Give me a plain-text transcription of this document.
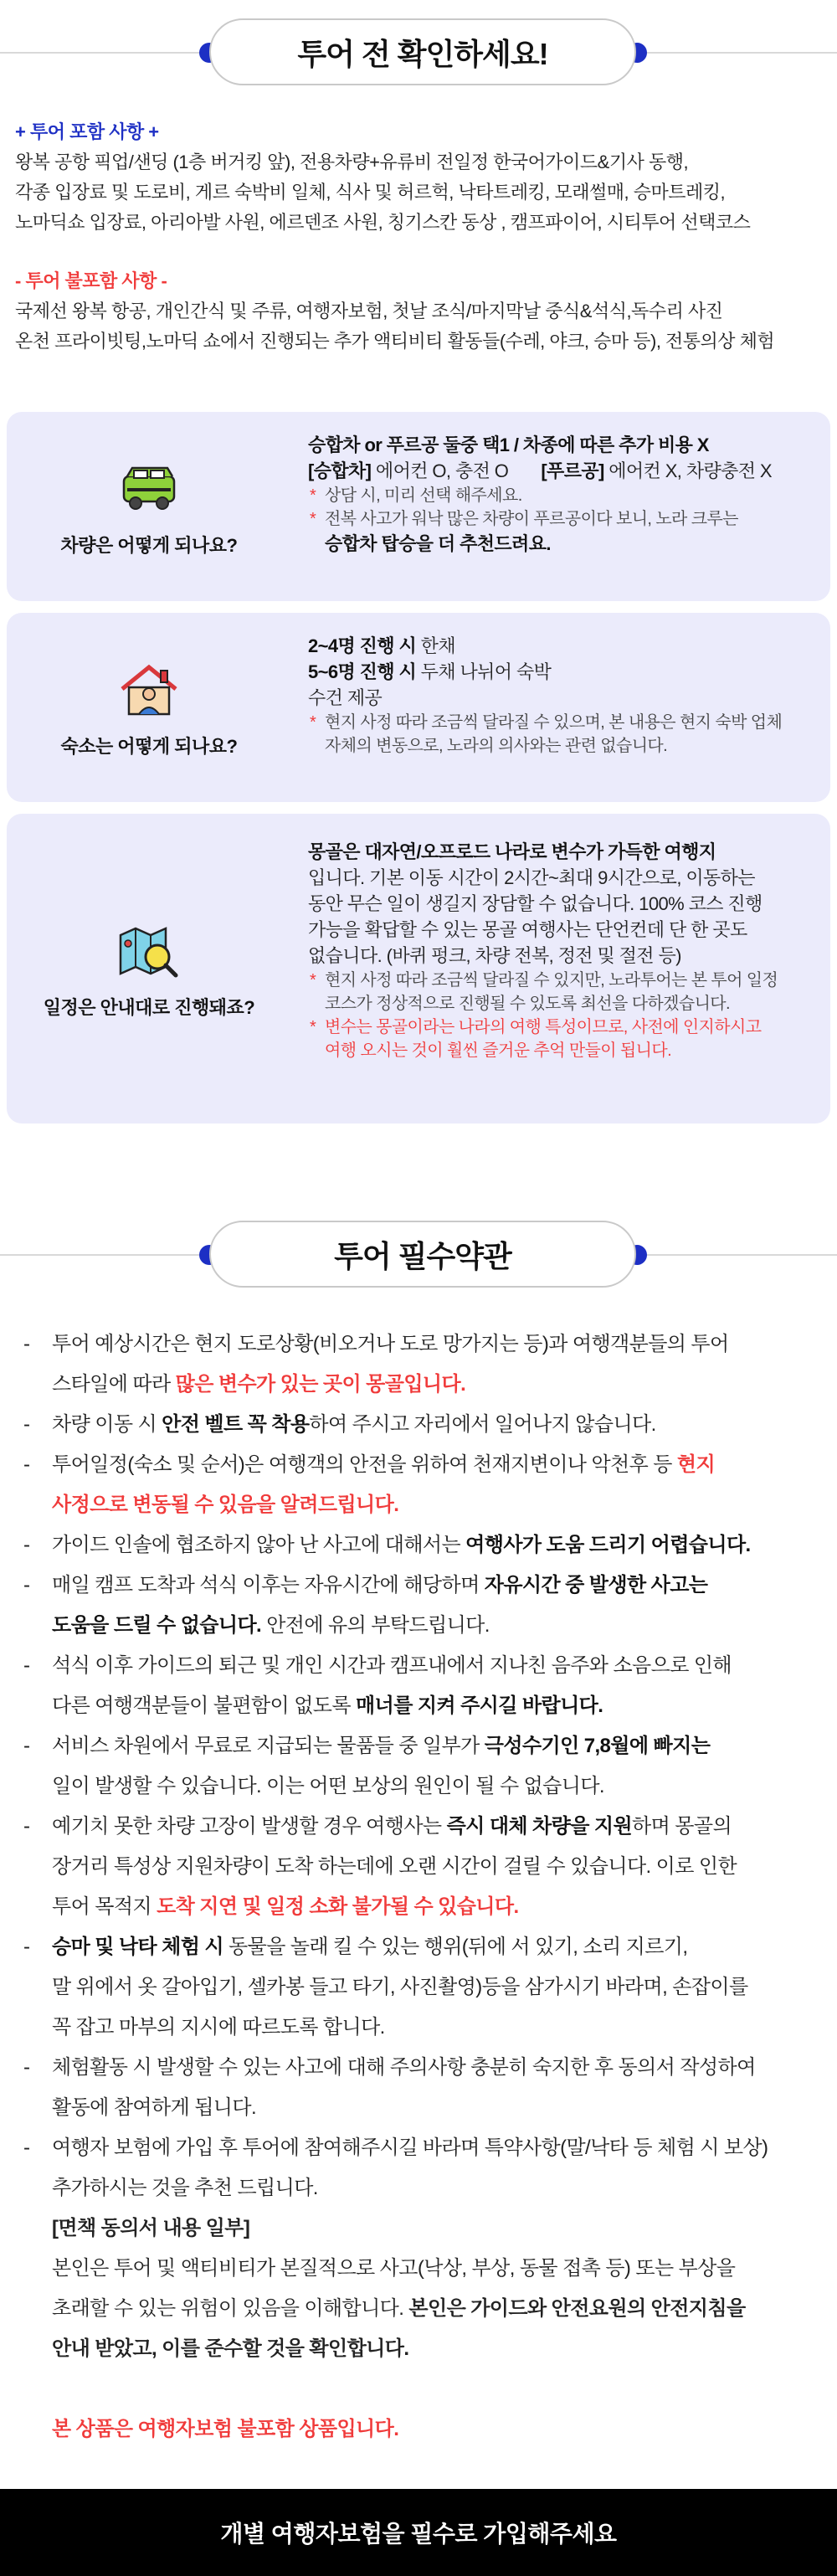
투어 전 확인하세요!
+ 투어 포함 사항 +
왕복 공항 픽업/샌딩 (1층 버거킹 앞), 전용차량+유류비 전일정 한국어가이드&기사 동행,
각종 입장료 및 도로비, 게르 숙박비 일체, 식사 및 허르헉, 낙타트레킹, 모래썰매, 승마트레킹,
노마딕쇼 입장료, 아리아발 사원, 에르덴조 사원, 칭기스칸 동상 , 캠프파이어, 시티투어 선택코스
- 투어 불포함 사항 -
국제선 왕복 항공, 개인간식 및 주류, 여행자보험, 첫날 조식/마지막날 중식&석식,독수리 사진
온천 프라이빗팅,노마딕 쇼에서 진행되는 추가 액티비티 활동들(수레, 야크, 승마 등), 전통의상 체험
차량은 어떻게 되나요?
승합차 or 푸르공 둘중 택1 / 차종에 따른 추가 비용 X
[승합차] 에어컨 O, 충전 O [푸르공] 에어컨 X, 차량충전 X
* 상담 시, 미리 선택 해주세요.
* 전복 사고가 워낙 많은 차량이 푸르공이다 보니, 노라 크루는
승합차 탑승을 더 추천드려요.
숙소는 어떻게 되나요?
2~4명 진행 시 한채
5~6명 진행 시 두채 나뉘어 숙박
수건 제공
* 현지 사정 따라 조금씩 달라질 수 있으며, 본 내용은 현지 숙박 업체
자체의 변동으로, 노라의 의사와는 관련 없습니다.
일정은 안내대로 진행돼죠?
몽골은 대자연/오프로드 나라로 변수가 가득한 여행지
입니다. 기본 이동 시간이 2시간~최대 9시간으로, 이동하는
동안 무슨 일이 생길지 장담할 수 없습니다. 100% 코스 진행
가능을 확답할 수 있는 몽골 여행사는 단언컨데 단 한 곳도
없습니다. (바퀴 펑크, 차량 전복, 정전 및 절전 등)
* 현지 사정 따라 조금씩 달라질 수 있지만, 노라투어는 본 투어 일정
코스가 정상적으로 진행될 수 있도록 최선을 다하겠습니다.
* 변수는 몽골이라는 나라의 여행 특성이므로, 사전에 인지하시고
여행 오시는 것이 훨씬 즐거운 추억 만들이 됩니다.
투어 필수약관
- 투어 예상시간은 현지 도로상황(비오거나 도로 망가지는 등)과 여행객분들의 투어
스타일에 따라 많은 변수가 있는 곳이 몽골입니다.
- 차량 이동 시 안전 벨트 꼭 착용하여 주시고 자리에서 일어나지 않습니다.
- 투어일정(숙소 및 순서)은 여행객의 안전을 위하여 천재지변이나 악천후 등 현지
사정으로 변동될 수 있음을 알려드립니다.
- 가이드 인솔에 협조하지 않아 난 사고에 대해서는 여행사가 도움 드리기 어렵습니다.
- 매일 캠프 도착과 석식 이후는 자유시간에 해당하며 자유시간 중 발생한 사고는
도움을 드릴 수 없습니다. 안전에 유의 부탁드립니다.
- 석식 이후 가이드의 퇴근 및 개인 시간과 캠프내에서 지나친 음주와 소음으로 인해
다른 여행객분들이 불편함이 없도록 매너를 지켜 주시길 바랍니다.
- 서비스 차원에서 무료로 지급되는 물품들 중 일부가 극성수기인 7,8월에 빠지는
일이 발생할 수 있습니다. 이는 어떤 보상의 원인이 될 수 없습니다.
- 예기치 못한 차량 고장이 발생할 경우 여행사는 즉시 대체 차량을 지원하며 몽골의
장거리 특성상 지원차량이 도착 하는데에 오랜 시간이 걸릴 수 있습니다. 이로 인한
투어 목적지 도착 지연 및 일정 소화 불가될 수 있습니다.
- 승마 및 낙타 체험 시 동물을 놀래 킬 수 있는 행위(뒤에 서 있기, 소리 지르기,
말 위에서 옷 갈아입기, 셀카봉 들고 타기, 사진촬영)등을 삼가시기 바라며, 손잡이를
꼭 잡고 마부의 지시에 따르도록 합니다.
- 체험활동 시 발생할 수 있는 사고에 대해 주의사항 충분히 숙지한 후 동의서 작성하여
활동에 참여하게 됩니다.
- 여행자 보험에 가입 후 투어에 참여해주시길 바라며 특약사항(말/낙타 등 체험 시 보상)
추가하시는 것을 추천 드립니다.
[면책 동의서 내용 일부]
본인은 투어 및 액티비티가 본질적으로 사고(낙상, 부상, 동물 접촉 등) 또는 부상을
초래할 수 있는 위험이 있음을 이해합니다. 본인은 가이드와 안전요원의 안전지침을
안내 받았고, 이를 준수할 것을 확인합니다.
본 상품은 여행자보험 불포함 상품입니다.
개별 여행자보험을 필수로 가입해주세요
